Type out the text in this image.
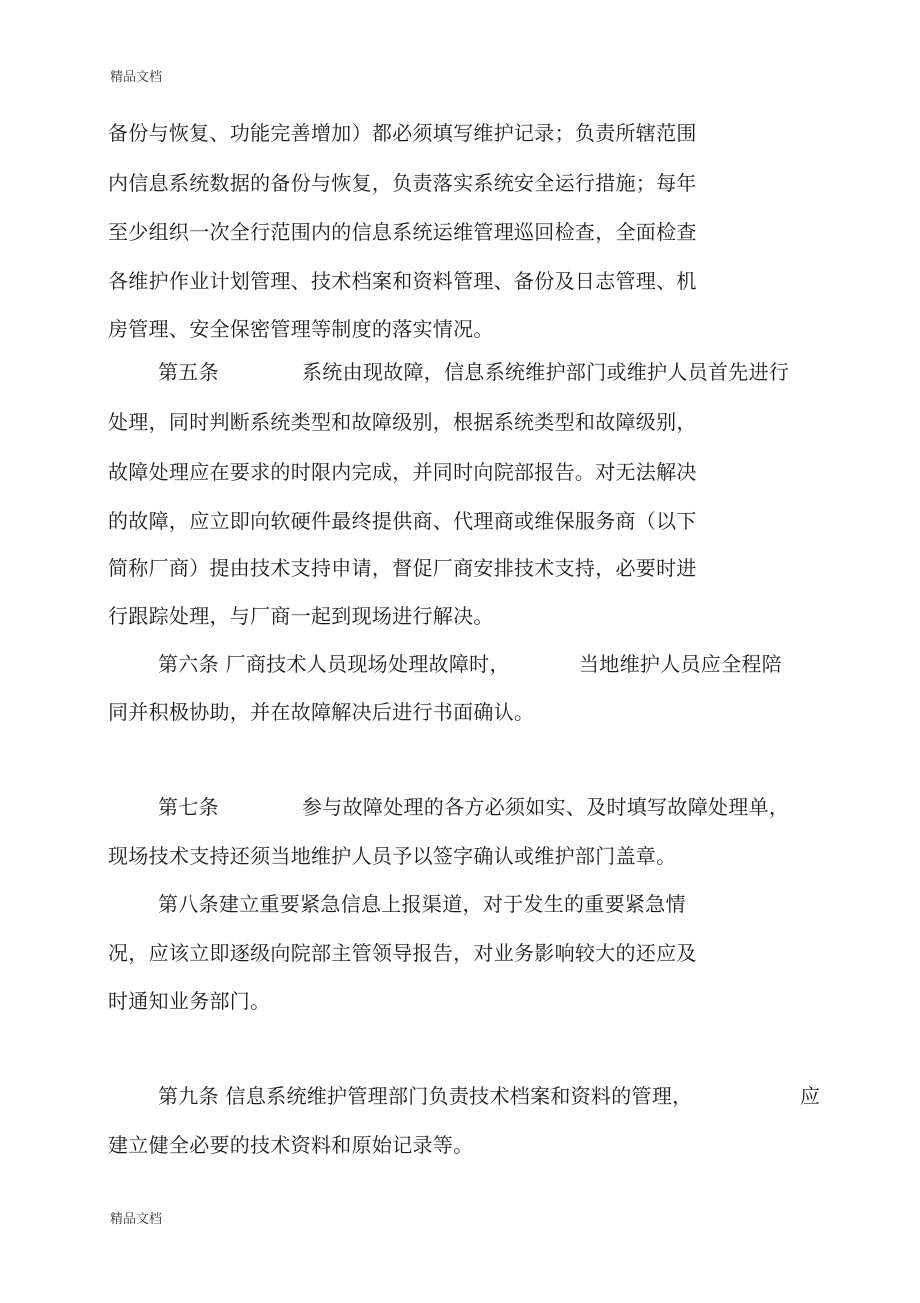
精品文档
备份与恢复、功能完善增加）都必须填写维护记录；负责所辖范围
内信息系统数据的备份与恢复，负责落实系统安全运行措施；每年
至少组织一次全行范围内的信息系统运维管理巡回检查，全面检查
各维护作业计划管理、技术档案和资料管理、备份及日志管理、机
房管理、安全保密管理等制度的落实情况。
第五条	系统由现故障，信息系统维护部门或维护人员首先进行
处理，同时判断系统类型和故障级别，根据系统类型和故障级别，
故障处理应在要求的时限内完成，并同时向院部报告。对无法解决
的故障，应立即向软硬件最终提供商、代理商或维保服务商（以下
简称厂商）提由技术支持申请，督促厂商安排技术支持，必要时进
行跟踪处理，与厂商一起到现场进行解决。
第六条 厂商技术人员现场处理故障时，	当地维护人员应全程陪
同并积极协助，并在故障解决后进行书面确认。
第七条	参与故障处理的各方必须如实、及时填写故障处理单，
现场技术支持还须当地维护人员予以签字确认或维护部门盖章。
第八条建立重要紧急信息上报渠道，对于发生的重要紧急情
况，应该立即逐级向院部主管领导报告，对业务影响较大的还应及
时通知业务部门。
第九条 信息系统维护管理部门负责技术档案和资料的管理，	应
建立健全必要的技术资料和原始记录等。
精品文档
